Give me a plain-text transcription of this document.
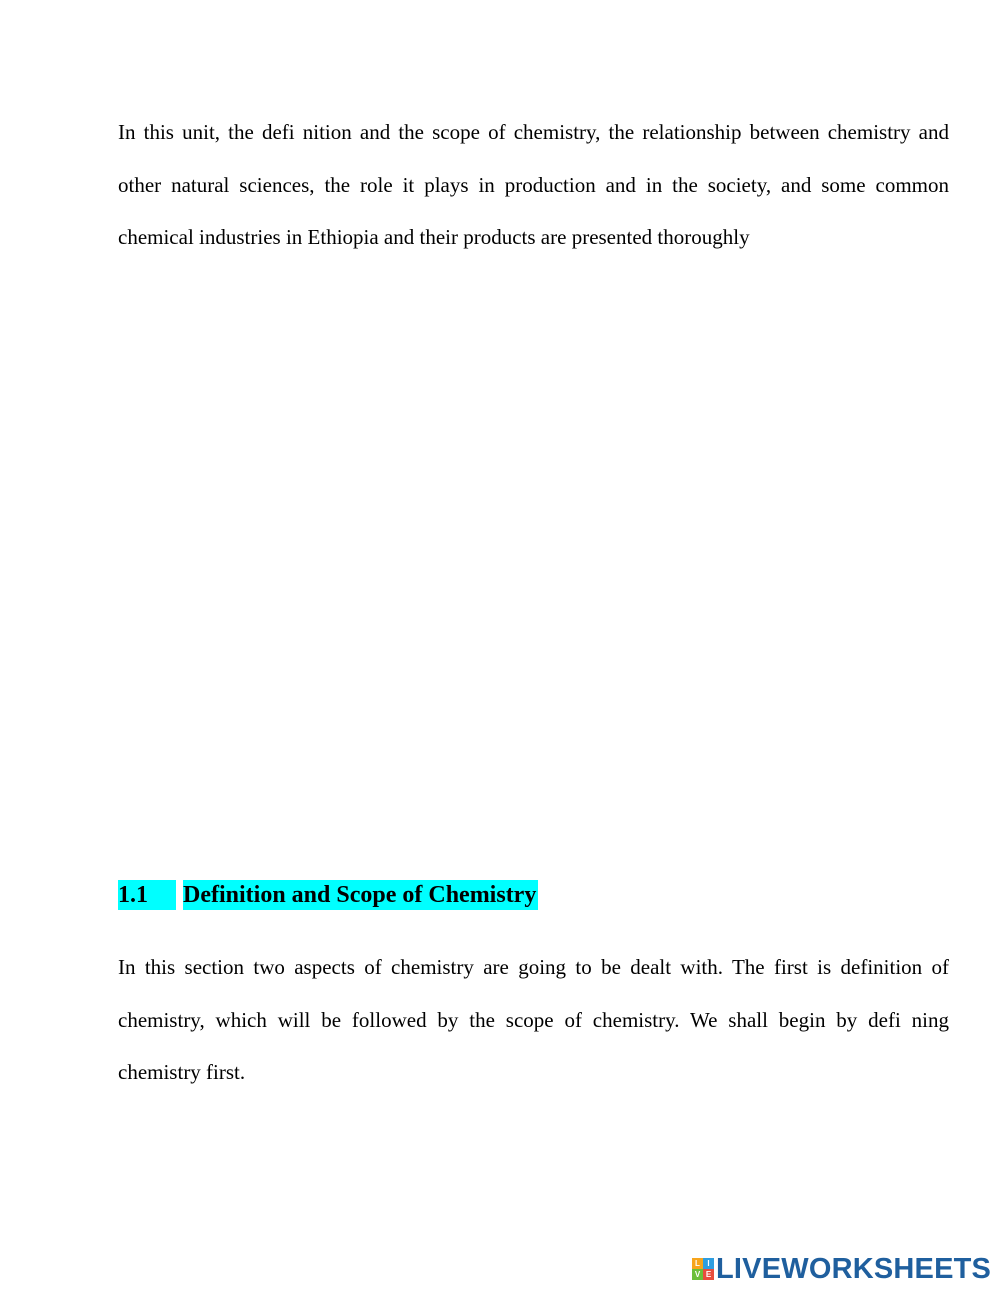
In this unit, the defi nition and the scope of chemistry, the relationship between chemistry and other natural sciences, the role it plays in production and in the society, and some common chemical industries in Ethiopia and their products are presented thoroughly

1.1	Definition and Scope of Chemistry

In this section two aspects of chemistry are going to be dealt with. The first is definition of chemistry, which will be followed by the scope of chemistry. We shall begin by defi ning chemistry first.

L I
V E LIVEWORKSHEETS
